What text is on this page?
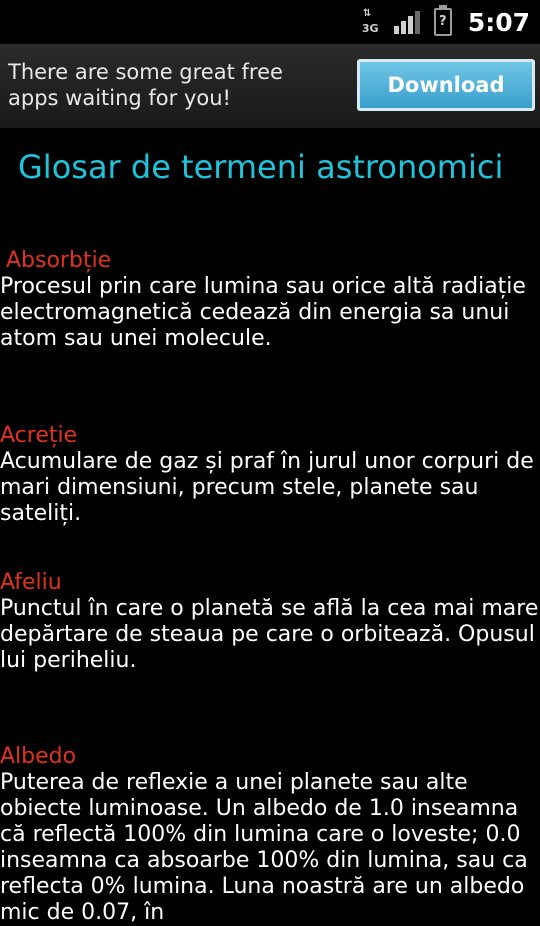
⇅
3G	? 5:07
There are some great free apps waiting for you!
Download
Glosar de termeni astronomici
Absorbție
Procesul prin care lumina sau orice altă radiație electromagnetică cedează din energia sa unui atom sau unei molecule.
Acreție
Acumulare de gaz și praf în jurul unor corpuri de mari dimensiuni, precum stele, planete sau sateliți.
Afeliu
Punctul în care o planetă se află la cea mai mare depărtare de steaua pe care o orbitează. Opusul lui periheliu.
Albedo
Puterea de reflexie a unei planete sau alte obiecte luminoase. Un albedo de 1.0 inseamna că reflectă 100% din lumina care o loveste; 0.0 inseamna ca absoarbe 100% din lumina, sau ca reflecta 0% lumina. Luna noastră are un albedo mic de 0.07, în
